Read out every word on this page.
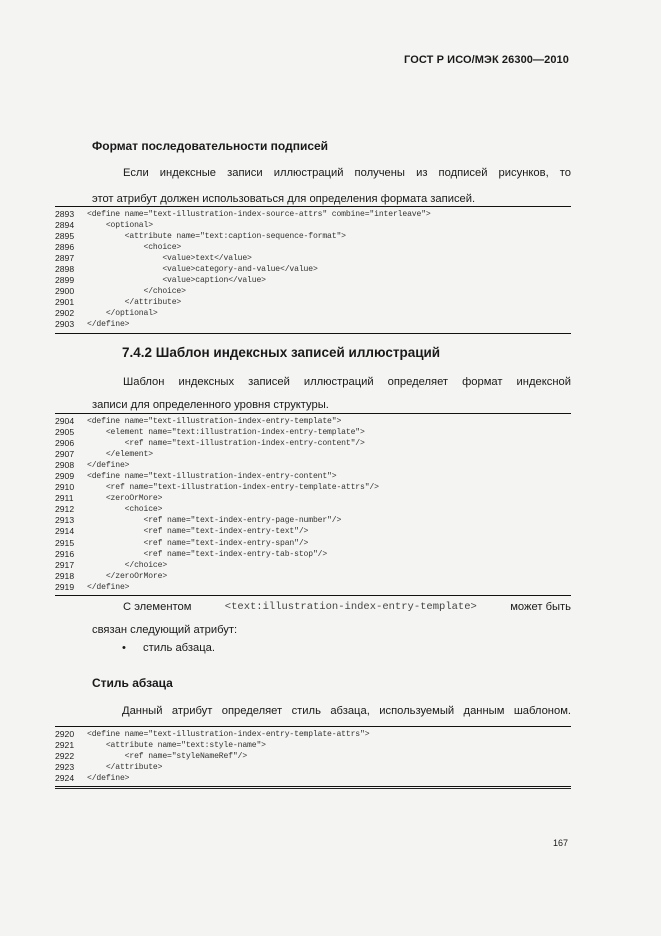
ГОСТ Р ИСО/МЭК 26300—2010
Формат последовательности подписей
Если индексные записи иллюстраций получены из подписей рисунков, то
этот атрибут должен использоваться для определения формата записей.
2893	<define name="text-illustration-index-source-attrs" combine="interleave">
2894	<optional>
2895	<attribute name="text:caption-sequence-format">
2896	<choice>
2897	<value>text</value>
2898	<value>category-and-value</value>
2899	<value>caption</value>
2900	</choice>
2901	</attribute>
2902	</optional>
2903	</define>
7.4.2 Шаблон индексных записей иллюстраций
Шаблон индексных записей иллюстраций определяет формат индексной
записи для определенного уровня структуры.
2904	<define name="text-illustration-index-entry-template">
2905	<element name="text:illustration-index-entry-template">
2906	<ref name="text-illustration-index-entry-content"/>
2907	</element>
2908	</define>
2909	<define name="text-illustration-index-entry-content">
2910	<ref name="text-illustration-index-entry-template-attrs"/>
2911	<zeroOrMore>
2912	<choice>
2913	<ref name="text-index-entry-page-number"/>
2914	<ref name="text-index-entry-text"/>
2915	<ref name="text-index-entry-span"/>
2916	<ref name="text-index-entry-tab-stop"/>
2917	</choice>
2918	</zeroOrMore>
2919	</define>
С элементом	<text:illustration-index-entry-template>	может быть
связан следующий атрибут:
• стиль абзаца.
Стиль абзаца
Данный атрибут определяет стиль абзаца, используемый данным шаблоном.
2920	<define name="text-illustration-index-entry-template-attrs">
2921	<attribute name="text:style-name">
2922	<ref name="styleNameRef"/>
2923	</attribute>
2924	</define>
167
